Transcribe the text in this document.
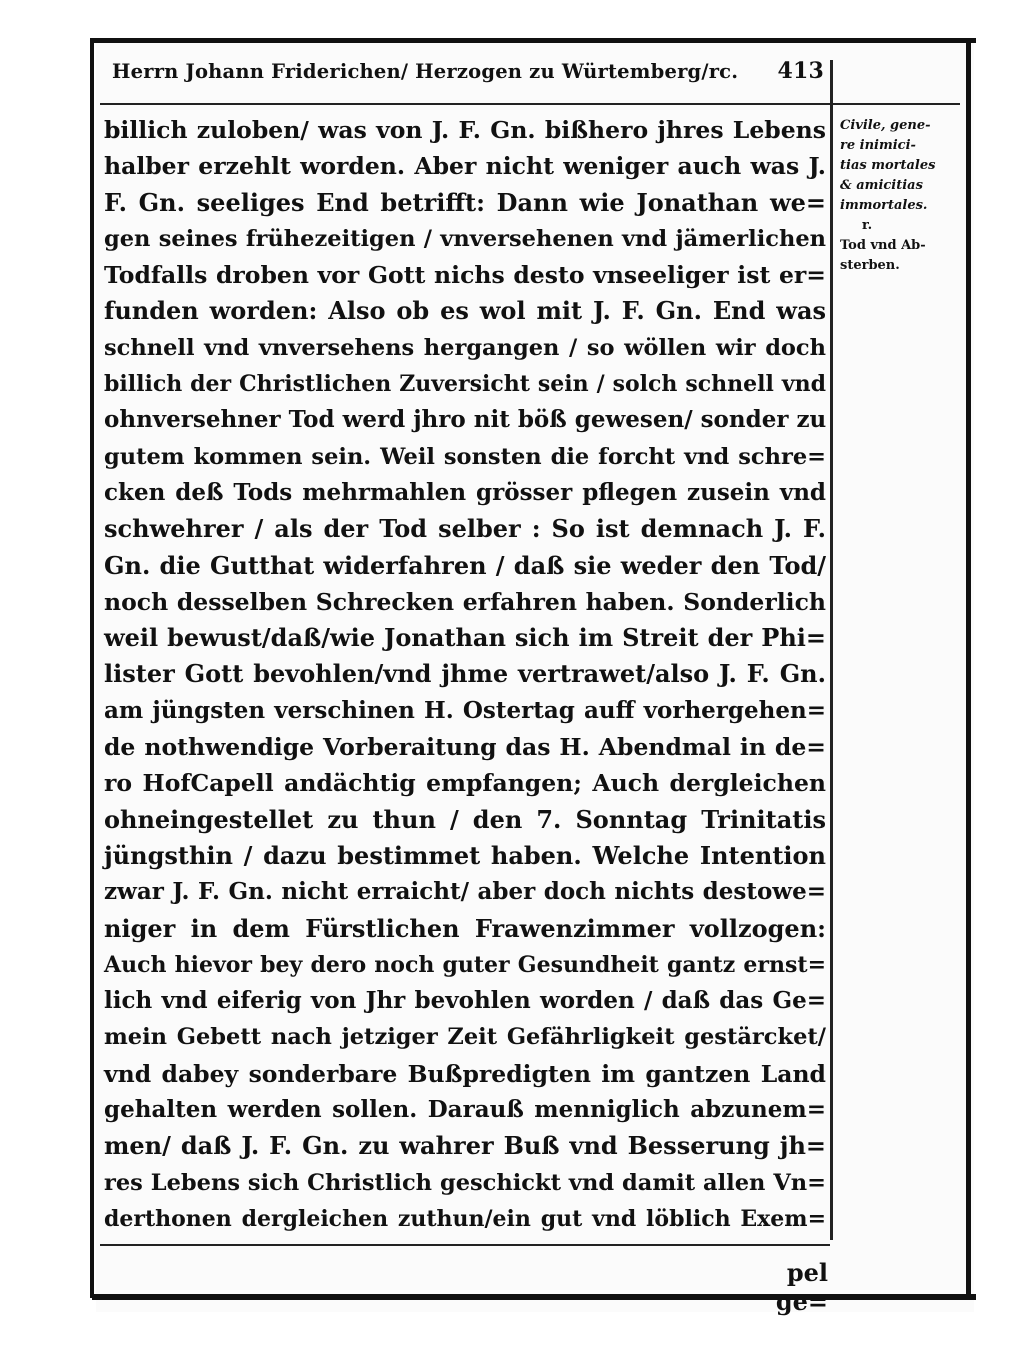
Herrn Johann Friderichen/ Herzogen zu Würtemberg/rc. 413
billich zuloben/ was von J. F. Gn. bißhero jhres Lebens
halber erzehlt worden. Aber nicht weniger auch was J.
F. Gn. seeliges End betrifft: Dann wie Jonathan we=
gen seines frühezeitigen / vnversehenen vnd jämerlichen
Todfalls droben vor Gott nichs desto vnseeliger ist er=
funden worden: Also ob es wol mit J. F. Gn. End was
schnell vnd vnversehens hergangen / so wöllen wir doch
billich der Christlichen Zuversicht sein / solch schnell vnd
ohnversehner Tod werd jhro nit böß gewesen/ sonder zu
gutem kommen sein. Weil sonsten die forcht vnd schre=
cken deß Tods mehrmahlen grösser pflegen zusein vnd
schwehrer / als der Tod selber : So ist demnach J. F.
Gn. die Gutthat widerfahren / daß sie weder den Tod/
noch desselben Schrecken erfahren haben. Sonderlich
weil bewust/daß/wie Jonathan sich im Streit der Phi=
lister Gott bevohlen/vnd jhme vertrawet/also J. F. Gn.
am jüngsten verschinen H. Ostertag auff vorhergehen=
de nothwendige Vorberaitung das H. Abendmal in de=
ro HofCapell andächtig empfangen; Auch dergleichen
ohneingestellet zu thun / den 7. Sonntag Trinitatis
jüngsthin / dazu bestimmet haben. Welche Intention
zwar J. F. Gn. nicht erraicht/ aber doch nichts destowe=
niger in dem Fürstlichen Frawenzimmer vollzogen:
Auch hievor bey dero noch guter Gesundheit gantz ernst=
lich vnd eiferig von Jhr bevohlen worden / daß das Ge=
mein Gebett nach jetziger Zeit Gefährligkeit gestärcket/
vnd dabey sonderbare Bußpredigten im gantzen Land
gehalten werden sollen. Darauß menniglich abzunem=
men/ daß J. F. Gn. zu wahrer Buß vnd Besserung jh=
res Lebens sich Christlich geschickt vnd damit allen Vn=
derthonen dergleichen zuthun/ein gut vnd löblich Exem=
Civile, gene-
re inimici-
tias mortales
& amicitias
immortales.
r.
Tod vnd Ab-
sterben.
pel ge=
